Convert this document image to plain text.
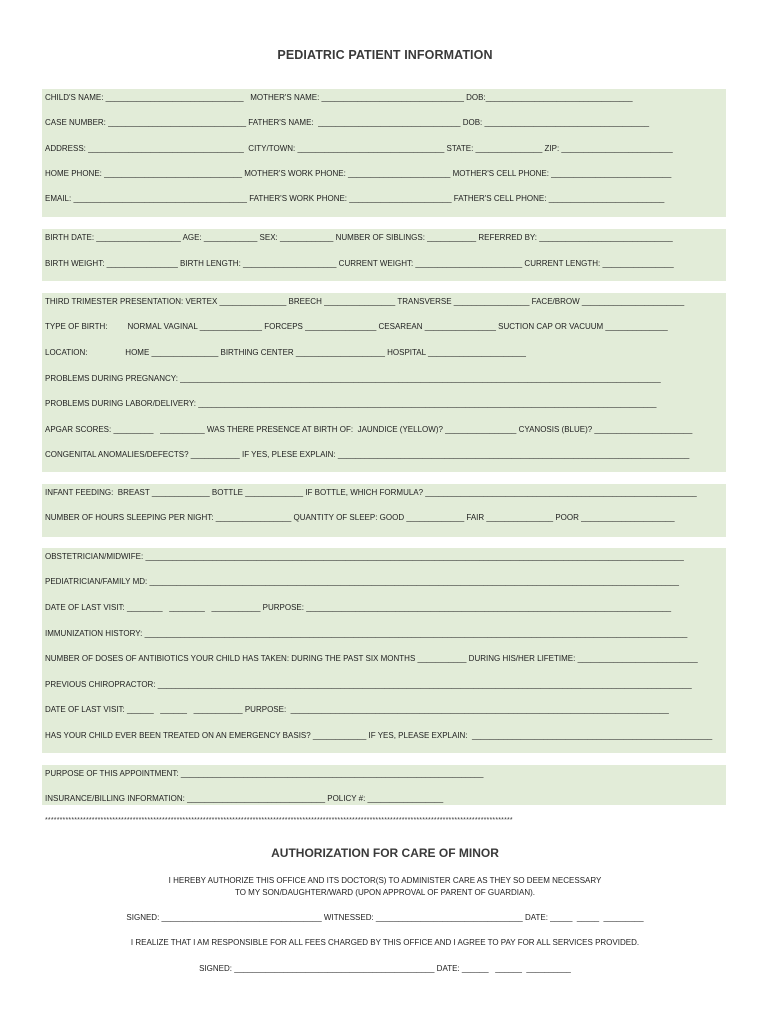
PEDIATRIC PATIENT INFORMATION
CHILD'S NAME: _______________________________   MOTHER'S NAME: ________________________________ DOB:_________________________________
CASE NUMBER: _______________________________ FATHER'S NAME:  ________________________________ DOB: _____________________________________
ADDRESS: ___________________________________  CITY/TOWN: _________________________________ STATE: _______________ ZIP: _________________________
HOME PHONE: _______________________________ MOTHER'S WORK PHONE: _______________________ MOTHER'S CELL PHONE: ___________________________
EMAIL: _______________________________________ FATHER'S WORK PHONE: _______________________ FATHER'S CELL PHONE: __________________________
BIRTH DATE: ___________________ AGE: ____________ SEX: ____________ NUMBER OF SIBLINGS: ___________ REFERRED BY: ______________________________
BIRTH WEIGHT: ________________ BIRTH LENGTH: _____________________ CURRENT WEIGHT: ________________________ CURRENT LENGTH: ________________
THIRD TRIMESTER PRESENTATION: VERTEX _______________ BREECH ________________ TRANSVERSE _________________ FACE/BROW _______________________
TYPE OF BIRTH:         NORMAL VAGINAL ______________ FORCEPS ________________ CESAREAN ________________ SUCTION CAP OR VACUUM ______________
LOCATION:                 HOME _______________ BIRTHING CENTER ____________________ HOSPITAL ______________________
PROBLEMS DURING PREGNANCY: ____________________________________________________________________________________________________________
PROBLEMS DURING LABOR/DELIVERY: _______________________________________________________________________________________________________
APGAR SCORES: _________   __________ WAS THERE PRESENCE AT BIRTH OF:  JAUNDICE (YELLOW)? ________________ CYANOSIS (BLUE)? ______________________
CONGENITAL ANOMALIES/DEFECTS? ___________ IF YES, PLESE EXPLAIN: _______________________________________________________________________________
INFANT FEEDING:  BREAST _____________ BOTTLE _____________ IF BOTTLE, WHICH FORMULA? _____________________________________________________________
NUMBER OF HOURS SLEEPING PER NIGHT: _________________ QUANTITY OF SLEEP: GOOD _____________ FAIR _______________ POOR _____________________
OBSTETRICIAN/MIDWIFE: _________________________________________________________________________________________________________________________
PEDIATRICIAN/FAMILY MD: _______________________________________________________________________________________________________________________
DATE OF LAST VISIT: ________   ________   ___________ PURPOSE: __________________________________________________________________________________
IMMUNIZATION HISTORY: __________________________________________________________________________________________________________________________
NUMBER OF DOSES OF ANTIBIOTICS YOUR CHILD HAS TAKEN: DURING THE PAST SIX MONTHS ___________ DURING HIS/HER LIFETIME: ___________________________
PREVIOUS CHIROPRACTOR: ________________________________________________________________________________________________________________________
DATE OF LAST VISIT: ______   ______   ___________ PURPOSE:  _____________________________________________________________________________________
HAS YOUR CHILD EVER BEEN TREATED ON AN EMERGENCY BASIS? ____________ IF YES, PLEASE EXPLAIN:  ______________________________________________________
PURPOSE OF THIS APPOINTMENT: ____________________________________________________________________
INSURANCE/BILLING INFORMATION: _______________________________ POLICY #: _________________
****************************************************************************************************************************************************************
AUTHORIZATION FOR CARE OF MINOR
I HEREBY AUTHORIZE THIS OFFICE AND ITS DOCTOR(S) TO ADMINISTER CARE AS THEY SO DEEM NECESSARY
TO MY SON/DAUGHTER/WARD (UPON APPROVAL OF PARENT OF GUARDIAN).
SIGNED: ____________________________________ WITNESSED: _________________________________ DATE: _____  _____  _________
I REALIZE THAT I AM RESPONSIBLE FOR ALL FEES CHARGED BY THIS OFFICE AND I AGREE TO PAY FOR ALL SERVICES PROVIDED.
SIGNED: _____________________________________________ DATE: ______   ______  __________
